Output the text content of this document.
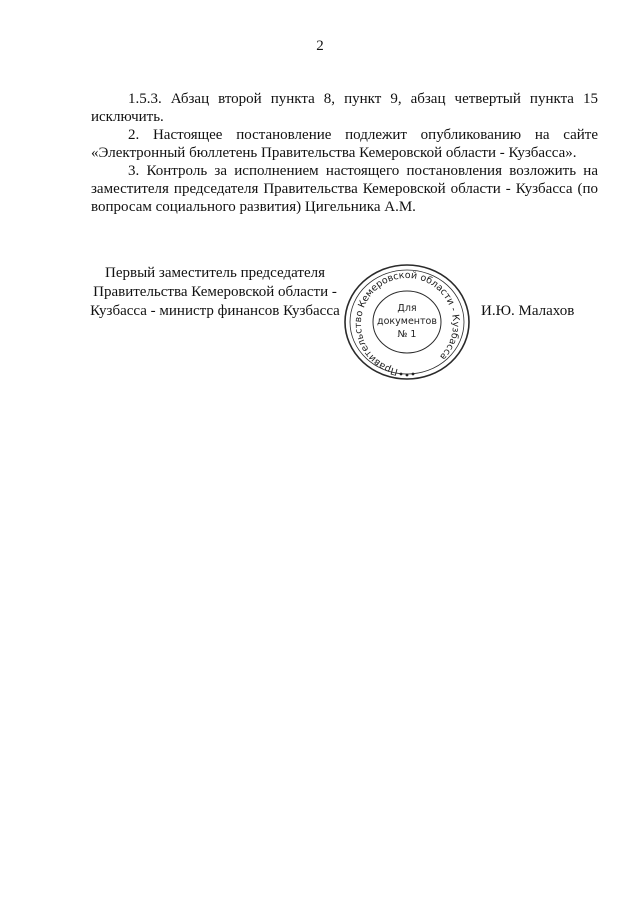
2

1.5.3. Абзац второй пункта 8, пункт 9, абзац четвертый пункта 15 исключить.

2. Настоящее постановление подлежит опубликованию на сайте «Электронный бюллетень Правительства Кемеровской области - Кузбасса».

3. Контроль за исполнением настоящего постановления возложить на заместителя председателя Правительства Кемеровской области - Кузбасса (по вопросам социального развития) Цигельника А.М.

Первый заместитель председателя
Правительства Кемеровской области -
Кузбасса - министр финансов Кузбасса
Правительство Кемеровской области - Кузбасса
Для
документов
№ 1
И.Ю. Малахов
